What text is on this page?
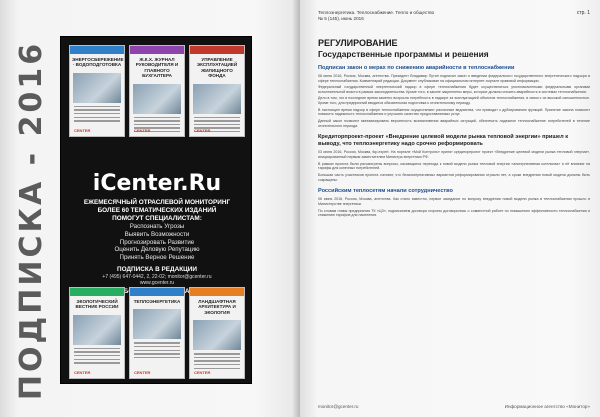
ПОДПИСКА - 2016	ЭНЕРГОСБЕРЕЖЕНИЕ · ВОДОПОДГОТОВКА
CENTER
Ж.К.Х. ЖУРНАЛ РУКОВОДИТЕЛЯ И ГЛАВНОГО БУХГАЛТЕРА
CENTER
УПРАВЛЕНИЕ ЭКСПЛУАТАЦИЕЙ ЖИЛИЩНОГО ФОНДА
CENTER
iCenter.Ru
ЕЖЕМЕСЯЧНЫЙ ОТРАСЛЕВОЙ МОНИТОРИНГ
БОЛЕЕ 60 ТЕМАТИЧЕСКИХ ИЗДАНИЙ
ПОМОГУТ СПЕЦИАЛИСТАМ:
Распознать Угрозы
Выявить Возможности
Прогнозировать Развитие
Оценить Деловую Репутацию
Принять Верное Решение
ПОДПИСКА В РЕДАКЦИИ
+7 (495) 647-0442, 2, 22-02; monitor@gcenter.ru
www.gcenter.ru
ЛЮБОМ
ЭКОЛОГИЧЕСКИЙ ВЕСТНИК РОССИИ
CENTER
ТЕПЛОЭНЕРГЕТИКА
CENTER
ЛАНДШАФТНАЯ АРХИТЕКТУРА И ЭКОЛОГИЯ
CENTER
Теплоэнергетика. Теплоснабжение. Тепло и общество
№ 5 (145), июнь 2016
стр. 1
РЕГУЛИРОВАНИЕ
Государственные программы и решения
Подписан закон о мерах по снижению аварийности в теплоснабжении

08 июня 2016, Россия, Москва, агентства. Президент Владимир Путин подписал закон о введении федерального государственного энергетического надзора в сфере теплоснабжения. Комментарий редакции. Документ опубликован на официальном интернет-портале правовой информации.

Федеральный государственный энергетический надзор в сфере теплоснабжения будет осуществляться уполномоченными федеральными органами исполнительной власти в рамках законодательства. Кроме того, в законе закреплены меры, которые должны снизить аварийность в системах теплоснабжения.

Дело в том, что в последние время заметно возросла потребность в надзоре за эксплуатацией объектов теплоснабжения, в связи с их высокой изношенностью. Кроме того, для предприятий вводится обязательная подготовка к отопительному периоду.

В настоящее время надзор в сфере теплоснабжения осуществляют различные ведомства, что приводит к дублированию функций. Принятие закона позволит повысить надежность теплоснабжения и улучшить качество предоставляемых услуг.

Данный закон позволит минимизировать вероятность возникновения аварийных ситуаций, обеспечить надежное теплоснабжение потребителей в течение отопительного периода.

Кредиторпроект-проект «Внедрение целевой модели рынка тепловой энергии» пришел к выводу, что теплоэнергетику надо срочно реформировать

03 июня 2016, Россия, Москва, tkp-expert. На портале «Мой Контроль» принят кредиторпроект проект «Внедрение целевой модели рынка тепловой энергии», инициированный первым заместителем Министра энергетики РФ.

В рамках проекта были рассмотрены вопросы, касающиеся перехода к новой модели рынка тепловой энергии «альтернативная котельная» и её влияние на тарифы для конечных потребителей.

Большая часть участников проекта считают, что безальтернативных вариантов реформирования отрасли нет, а сроки внедрения новой модели должны быть сокращены.

Российским теплосетям начали сотрудничество

06 июня 2016, Россия, Москва, агентства. Как стало известно, первое заседание по вопросу внедрения новой модели рынка в теплоснабжении прошло в Министерстве энергетики.

По словам главы предприятия ТК «ЦЗ», подписанием договора стороны договорились о совместной работе по повышению эффективности теплоснабжения и снижению тарифов для населения.

monitor@gcenter.ru	Информационное агентство «Монитор»
